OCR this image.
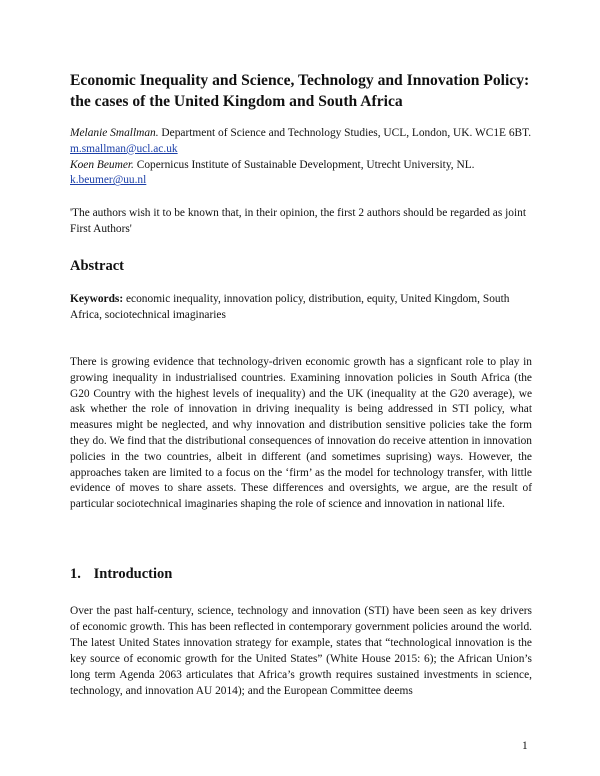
Economic Inequality and Science, Technology and Innovation Policy: the cases of the United Kingdom and South Africa
Melanie Smallman. Department of Science and Technology Studies, UCL, London, UK. WC1E 6BT. m.smallman@ucl.ac.uk
Koen Beumer. Copernicus Institute of Sustainable Development, Utrecht University, NL. k.beumer@uu.nl
'The authors wish it to be known that, in their opinion, the first 2 authors should be regarded as joint First Authors'
Abstract
Keywords: economic inequality, innovation policy, distribution, equity, United Kingdom, South Africa, sociotechnical imaginaries
There is growing evidence that technology-driven economic growth has a signficant role to play in growing inequality in industrialised countries. Examining innovation policies in South Africa (the G20 Country with the highest levels of inequality) and the UK (inequality at the G20 average), we ask whether the role of innovation in driving inequality is being addressed in STI policy, what measures might be neglected, and why innovation and distribution sensitive policies take the form they do. We find that the distributional consequences of innovation do receive attention in innovation policies in the two countries, albeit in different (and sometimes suprising) ways. However, the approaches taken are limited to a focus on the ‘firm’ as the model for technology transfer, with little evidence of moves to share assets. These differences and oversights, we argue, are the result of particular sociotechnical imaginaries shaping the role of science and innovation in national life.
1. Introduction
Over the past half-century, science, technology and innovation (STI) have been seen as key drivers of economic growth. This has been reflected in contemporary government policies around the world. The latest United States innovation strategy for example, states that “technological innovation is the key source of economic growth for the United States” (White House 2015: 6); the African Union’s long term Agenda 2063 articulates that Africa’s growth requires sustained investments in science, technology, and innovation AU 2014); and the European Committee deems
1
